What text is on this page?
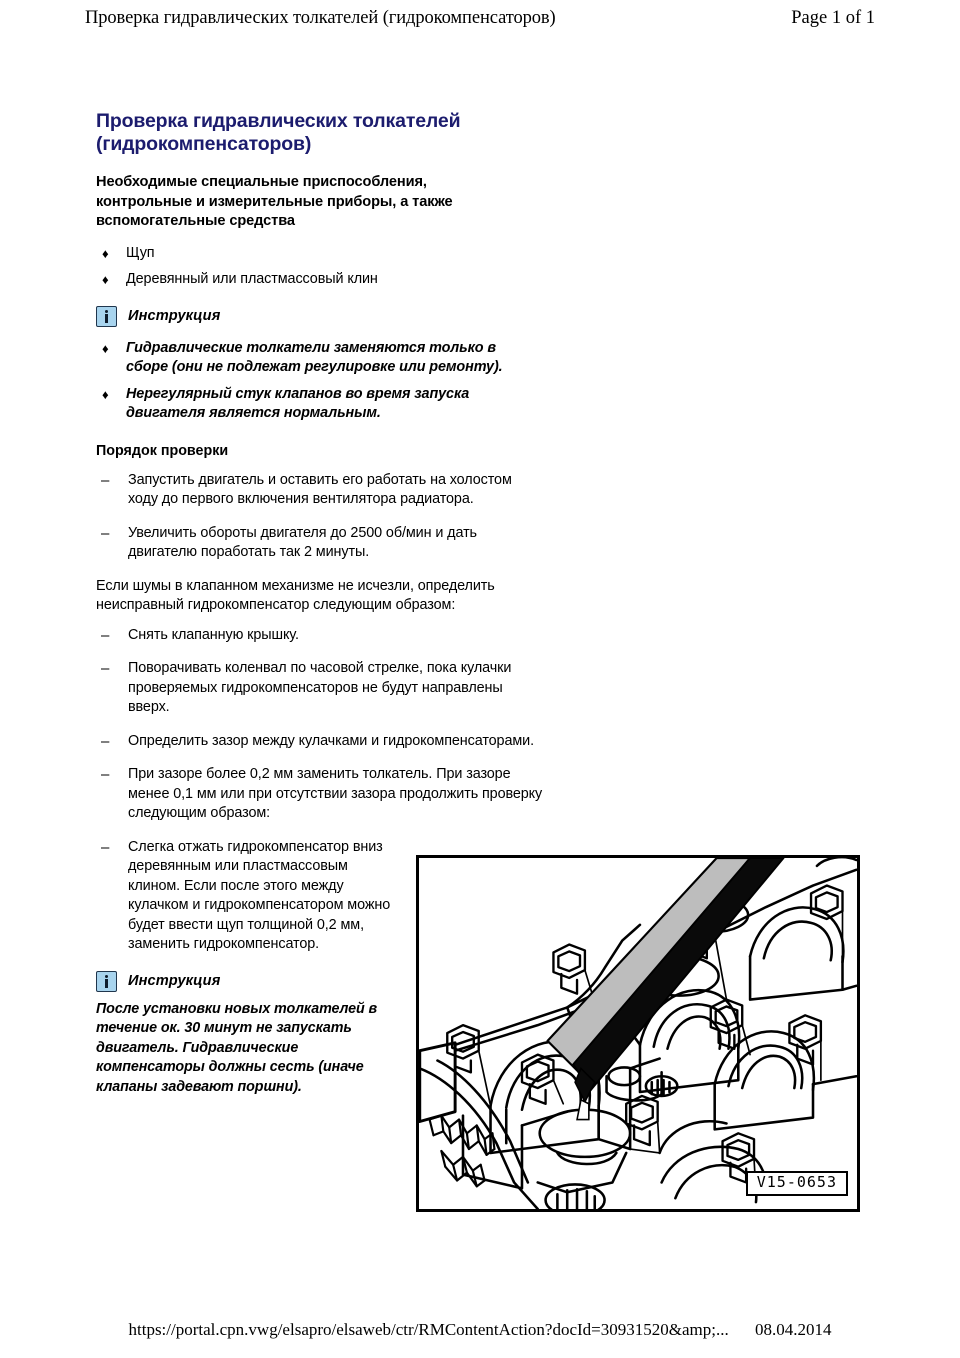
Проверка гидравлических толкателей (гидрокомпенсаторов)	Page 1 of 1
Проверка гидравлических толкателей (гидрокомпенсаторов)

Необходимые специальные приспособления, контрольные и измерительные приборы, а также вспомогательные средства

♦ Щуп
♦ Деревянный или пластмассовый клин
Инструкция
♦ Гидравлические толкатели заменяются только в сборе (они не подлежат регулировке или ремонту).
♦ Нерегулярный стук клапанов во время запуска двигателя является нормальным.

Порядок проверки

– Запустить двигатель и оставить его работать на холостом ходу до первого включения вентилятора радиатора.
– Увеличить обороты двигателя до 2500 об/мин и дать двигателю поработать так 2 минуты.

Если шумы в клапанном механизме не исчезли, определить неисправный гидрокомпенсатор следующим образом:

– Снять клапанную крышку.
– Поворачивать коленвал по часовой стрелке, пока кулачки проверяемых гидрокомпенсаторов не будут направлены вверх.
– Определить зазор между кулачками и гидрокомпенсаторами.
– При зазоре более 0,2 мм заменить толкатель. При зазоре менее 0,1 мм или при отсутствии зазора продолжить проверку следующим образом:
– Слегка отжать гидрокомпенсатор вниз деревянным или пластмассовым клином. Если после этого между кулачком и гидрокомпенсатором можно будет ввести щуп толщиной 0,2 мм, заменить гидрокомпенсатор.
Инструкция

После установки новых толкателей в течение ок. 30 минут не запускать двигатель. Гидравлические компенсаторы должны сесть (иначе клапаны задевают поршни).

V15-0653
https://portal.cpn.vwg/elsapro/elsaweb/ctr/RMContentAction?docId=30931520&amp;... 08.04.2014
